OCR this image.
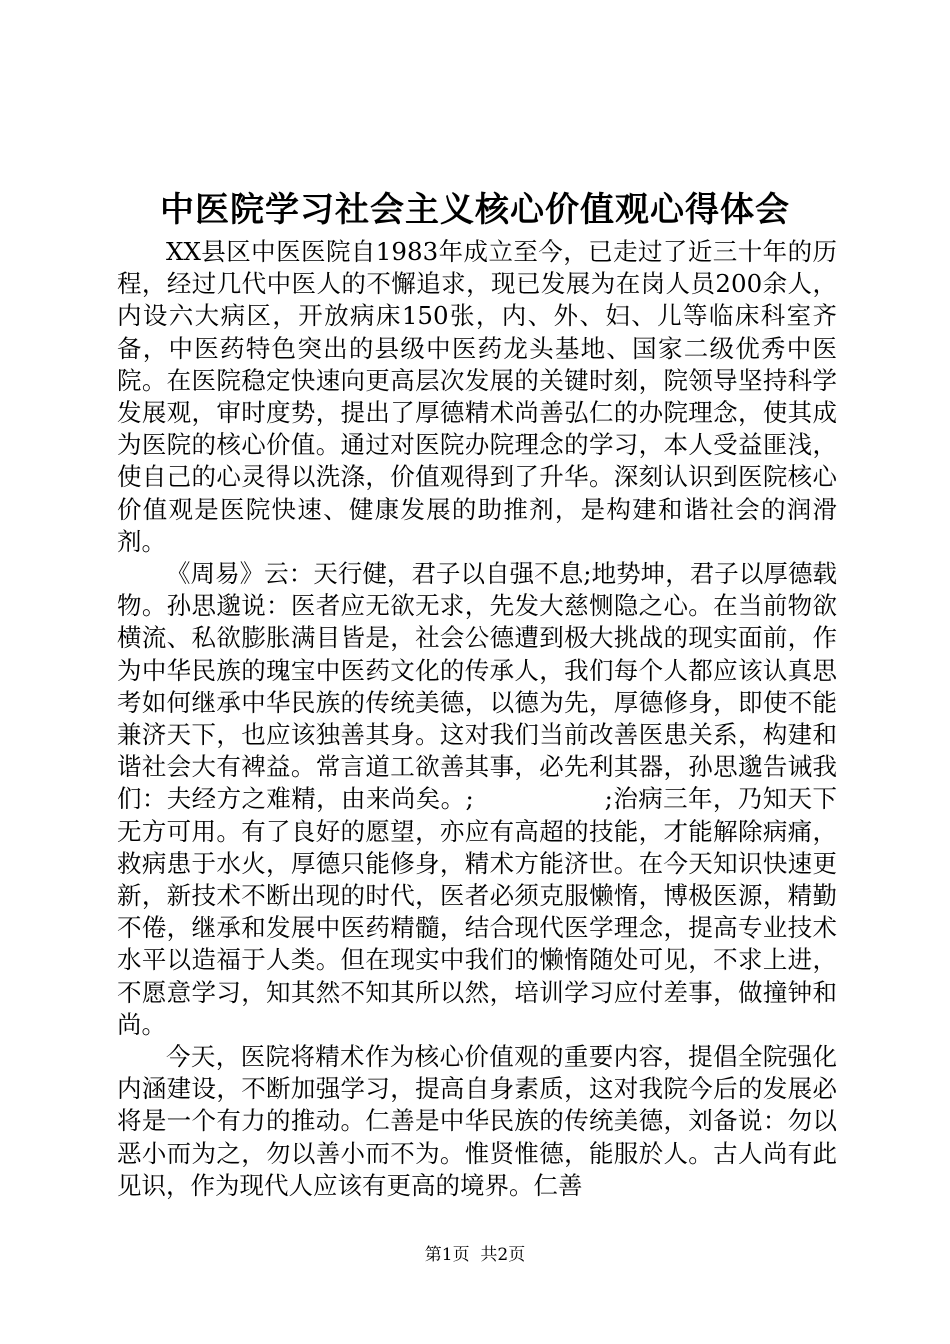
中医院学习社会主义核心价值观心得体会

XX县区中医医院自1983年成立至今，已走过了近三十年的历程，经过几代中医人的不懈追求，现已发展为在岗人员200余人，内设六大病区，开放病床150张，内、外、妇、儿等临床科室齐备，中医药特色突出的县级中医药龙头基地、国家二级优秀中医院。在医院稳定快速向更高层次发展的关键时刻，院领导坚持科学发展观，审时度势，提出了厚德精术尚善弘仁的办院理念，使其成为医院的核心价值。通过对医院办院理念的学习，本人受益匪浅，使自己的心灵得以洗涤，价值观得到了升华。深刻认识到医院核心价值观是医院快速、健康发展的助推剂，是构建和谐社会的润滑剂。

《周易》云：天行健，君子以自强不息;地势坤，君子以厚德载物。孙思邈说：医者应无欲无求，先发大慈恻隐之心。在当前物欲横流、私欲膨胀满目皆是，社会公德遭到极大挑战的现实面前，作为中华民族的瑰宝中医药文化的传承人，我们每个人都应该认真思考如何继承中华民族的传统美德，以德为先，厚德修身，即使不能兼济天下，也应该独善其身。这对我们当前改善医患关系，构建和谐社会大有裨益。常言道工欲善其事，必先利其器，孙思邈告诫我们：夫经方之难精，由来尚矣。;                ;治病三年，乃知天下无方可用。有了良好的愿望，亦应有高超的技能，才能解除病痛，救病患于水火，厚德只能修身，精术方能济世。在今天知识快速更新，新技术不断出现的时代，医者必须克服懒惰，博极医源，精勤不倦，继承和发展中医药精髓，结合现代医学理念，提高专业技术水平以造福于人类。但在现实中我们的懒惰随处可见，不求上进，不愿意学习，知其然不知其所以然，培训学习应付差事，做撞钟和尚。

今天，医院将精术作为核心价值观的重要内容，提倡全院强化内涵建设，不断加强学习，提高自身素质，这对我院今后的发展必将是一个有力的推动。仁善是中华民族的传统美德，刘备说：勿以恶小而为之，勿以善小而不为。惟贤惟德，能服於人。古人尚有此见识，作为现代人应该有更高的境界。仁善

第1页  共2页
